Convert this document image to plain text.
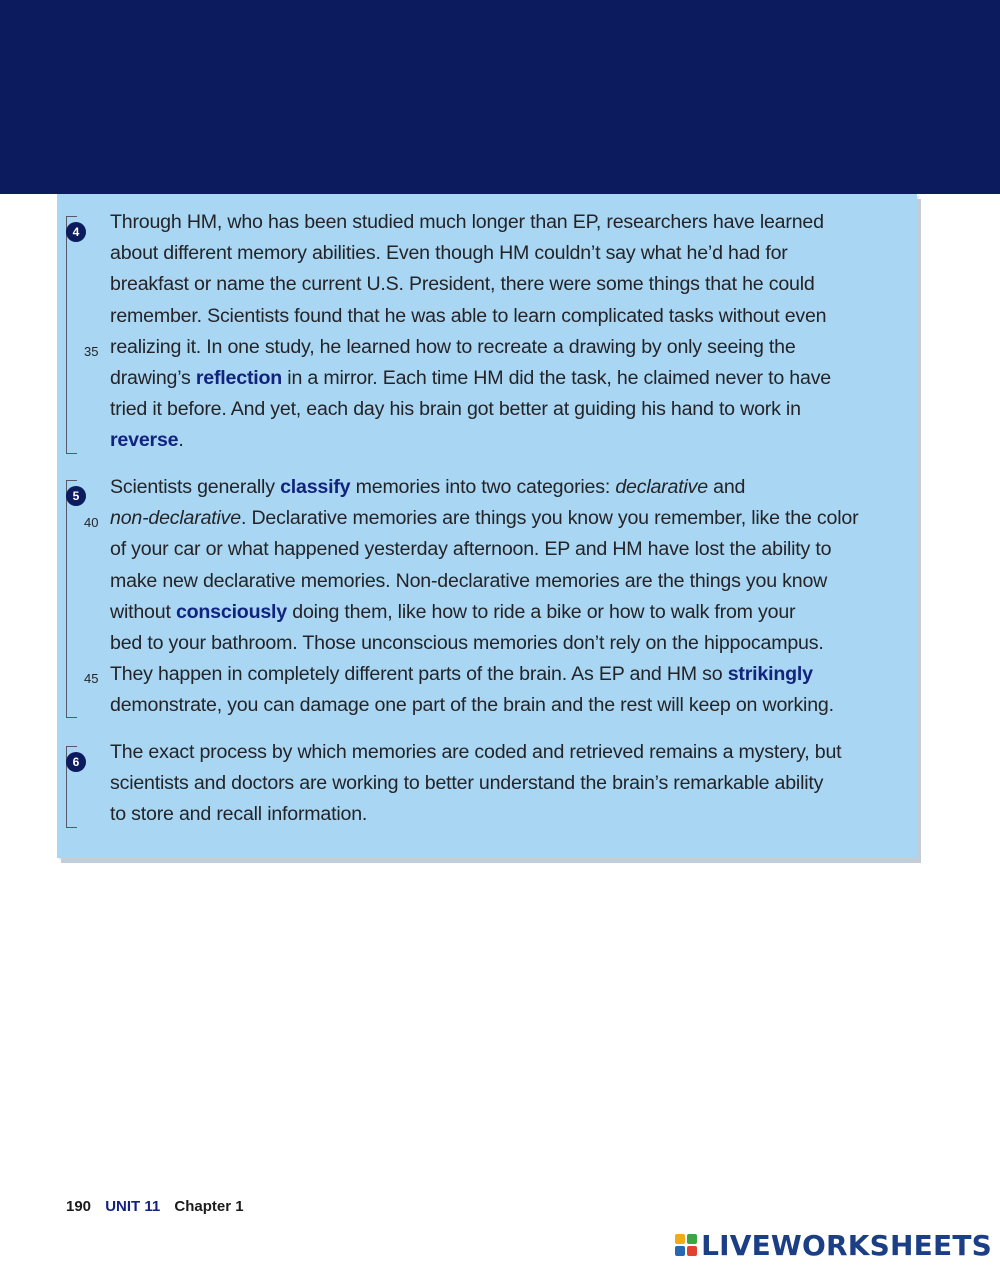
4	Through HM, who has been studied much longer than EP, researchers have learned
about different memory abilities. Even though HM couldn’t say what he’d had for
breakfast or name the current U.S. President, there were some things that he could
remember. Scientists found that he was able to learn complicated tasks without even
realizing it. In one study, he learned how to recreate a drawing by only seeing the
drawing’s reflection in a mirror. Each time HM did the task, he claimed never to have
tried it before. And yet, each day his brain got better at guiding his hand to work in
reverse.
5	Scientists generally classify memories into two categories: declarative and
non-declarative. Declarative memories are things you know you remember, like the color
of your car or what happened yesterday afternoon. EP and HM have lost the ability to
make new declarative memories. Non-declarative memories are the things you know
without consciously doing them, like how to ride a bike or how to walk from your
bed to your bathroom. Those unconscious memories don’t rely on the hippocampus.
They happen in completely different parts of the brain. As EP and HM so strikingly
demonstrate, you can damage one part of the brain and the rest will keep on working.
6	The exact process by which memories are coded and retrieved remains a mystery, but
scientists and doctors are working to better understand the brain’s remarkable ability
to store and recall information.
35
40
45
190 UNIT 11 Chapter 1
LIVEWORKSHEETS
